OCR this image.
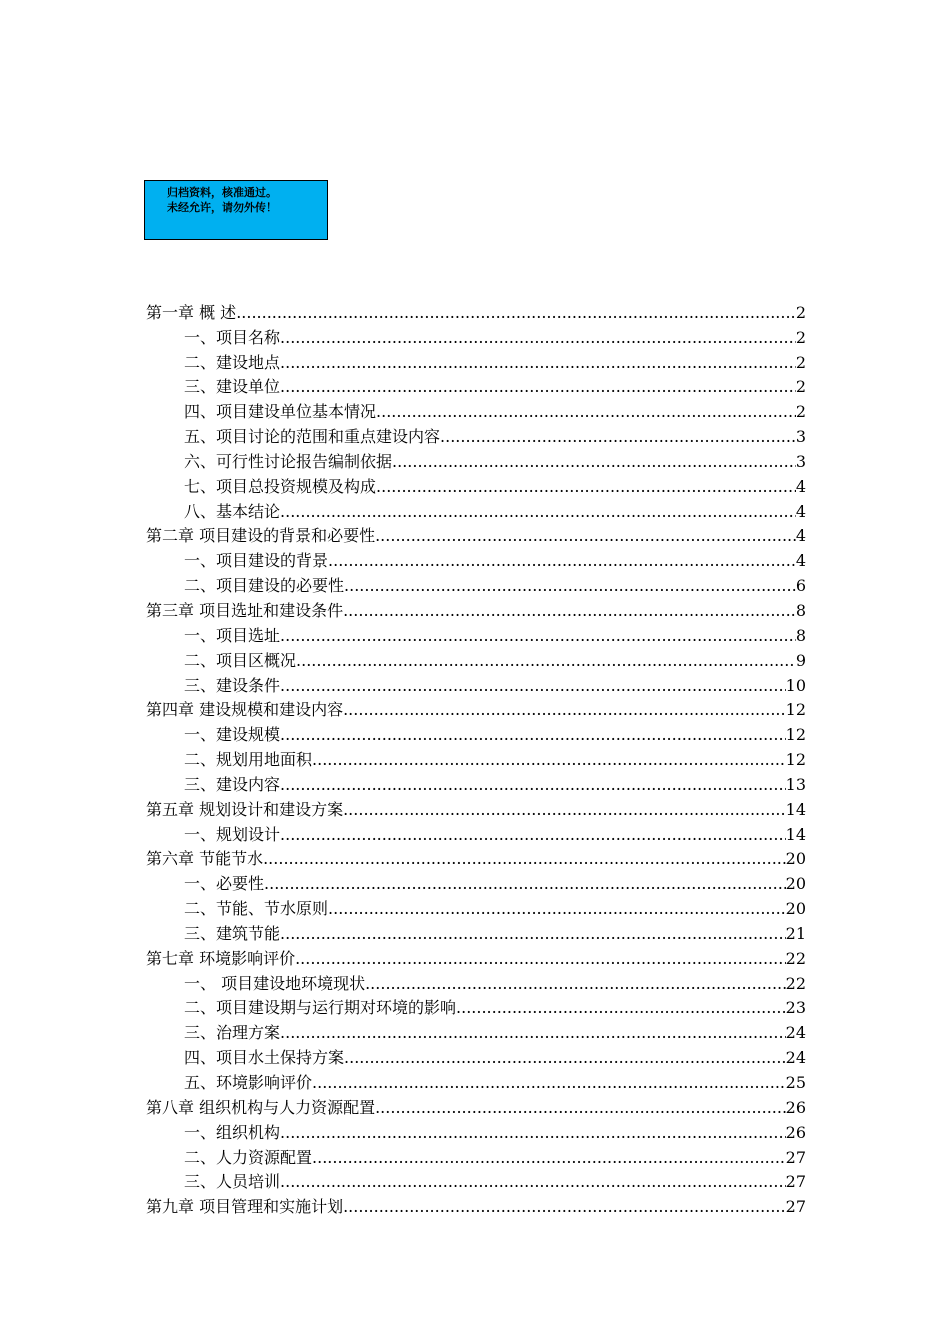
归档资料，核准通过。
未经允许，请勿外传！
第一章 概 述 .....	2
一、项目名称 .....	2
二、建设地点 .....	2
三、建设单位 .....	2
四、项目建设单位基本情况 .....	2
五、项目讨论的范围和重点建设内容 .....	3
六、可行性讨论报告编制依据 .....	3
七、项目总投资规模及构成 .....	4
八、基本结论 .....	4
第二章 项目建设的背景和必要性 .....	4
一、项目建设的背景 .....	4
二、项目建设的必要性 .....	6
第三章 项目选址和建设条件 .....	8
一、项目选址 .....	8
二、项目区概况 .....	9
三、建设条件 .....	10
第四章 建设规模和建设内容 .....	12
一、建设规模 .....	12
二、规划用地面积 .....	12
三、建设内容 .....	13
第五章 规划设计和建设方案 .....	14
一、规划设计 .....	14
第六章 节能节水 .....	20
一、必要性 .....	20
二、节能、节水原则 .....	20
三、建筑节能 .....	21
第七章 环境影响评价 .....	22
一、 项目建设地环境现状 .....	22
二、项目建设期与运行期对环境的影响 .....	23
三、治理方案 .....	24
四、项目水土保持方案 .....	24
五、环境影响评价 .....	25
第八章 组织机构与人力资源配置 .....	26
一、组织机构 .....	26
二、人力资源配置 .....	27
三、人员培训 .....	27
第九章 项目管理和实施计划 .....	27
